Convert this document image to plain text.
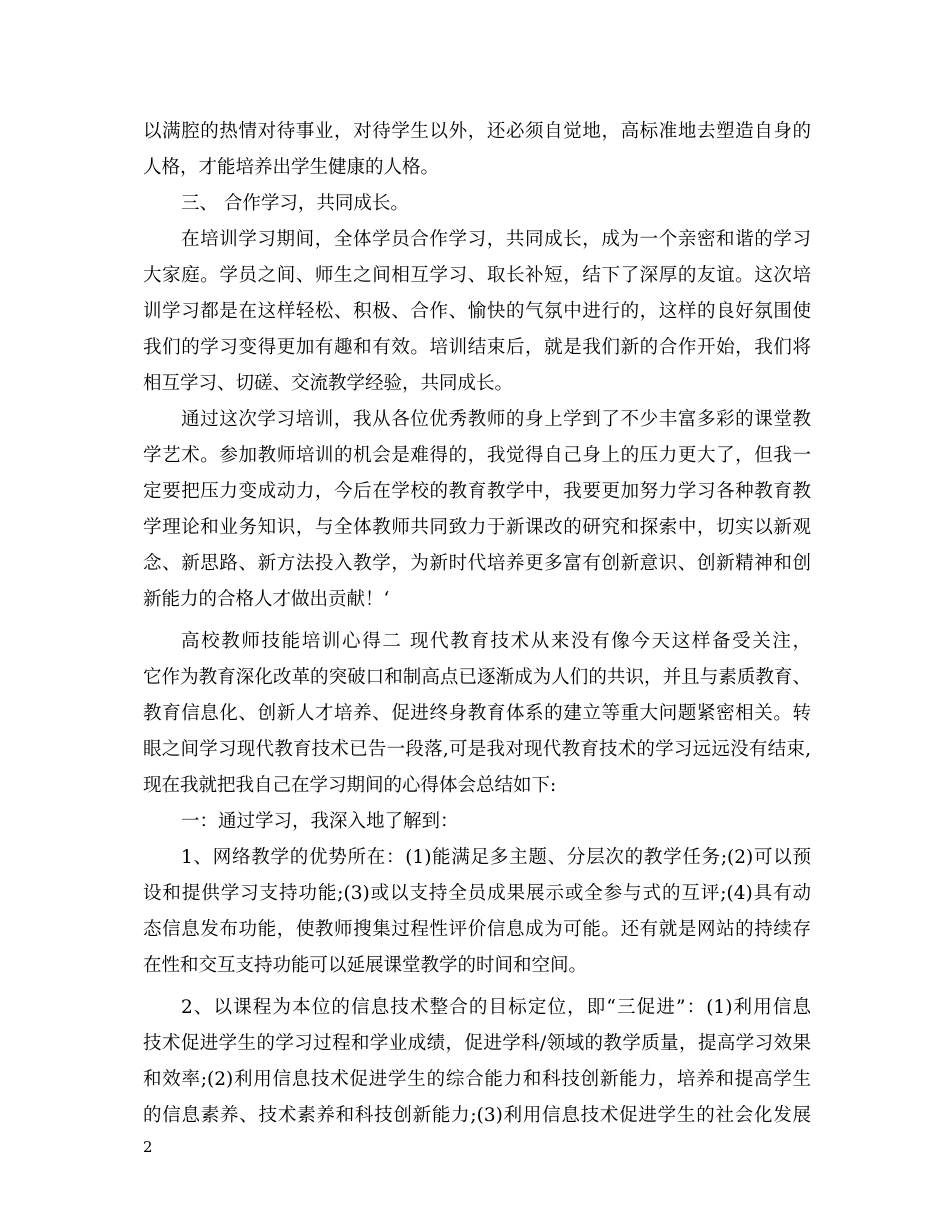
以满腔的热情对待事业，对待学生以外，还必须自觉地，高标准地去塑造自身的
人格，才能培养出学生健康的人格。
三、 合作学习，共同成长。
在培训学习期间，全体学员合作学习，共同成长，成为一个亲密和谐的学习
大家庭。学员之间、师生之间相互学习、取长补短，结下了深厚的友谊。这次培
训学习都是在这样轻松、积极、合作、愉快的气氛中进行的，这样的良好氛围使
我们的学习变得更加有趣和有效。培训结束后，就是我们新的合作开始，我们将
相互学习、切磋、交流教学经验，共同成长。
通过这次学习培训，我从各位优秀教师的身上学到了不少丰富多彩的课堂教
学艺术。参加教师培训的机会是难得的，我觉得自己身上的压力更大了，但我一
定要把压力变成动力，今后在学校的教育教学中，我要更加努力学习各种教育教
学理论和业务知识，与全体教师共同致力于新课改的研究和探索中，切实以新观
念、新思路、新方法投入教学，为新时代培养更多富有创新意识、创新精神和创
新能力的合格人才做出贡献！‘
高校教师技能培训心得二 现代教育技术从来没有像今天这样备受关注，
它作为教育深化改革的突破口和制高点已逐渐成为人们的共识，并且与素质教育、
教育信息化、创新人才培养、促进终身教育体系的建立等重大问题紧密相关。转
眼之间学习现代教育技术已告一段落,可是我对现代教育技术的学习远远没有结束,
现在我就把我自己在学习期间的心得体会总结如下:
一：通过学习，我深入地了解到：
1、网络教学的优势所在：(1)能满足多主题、分层次的教学任务;(2)可以预
设和提供学习支持功能;(3)或以支持全员成果展示或全参与式的互评;(4)具有动
态信息发布功能，使教师搜集过程性评价信息成为可能。还有就是网站的持续存
在性和交互支持功能可以延展课堂教学的时间和空间。
2、以课程为本位的信息技术整合的目标定位，即“三促进”：(1)利用信息
技术促进学生的学习过程和学业成绩，促进学科/领域的教学质量，提高学习效果
和效率;(2)利用信息技术促进学生的综合能力和科技创新能力，培养和提高学生
的信息素养、技术素养和科技创新能力;(3)利用信息技术促进学生的社会化发展
2
